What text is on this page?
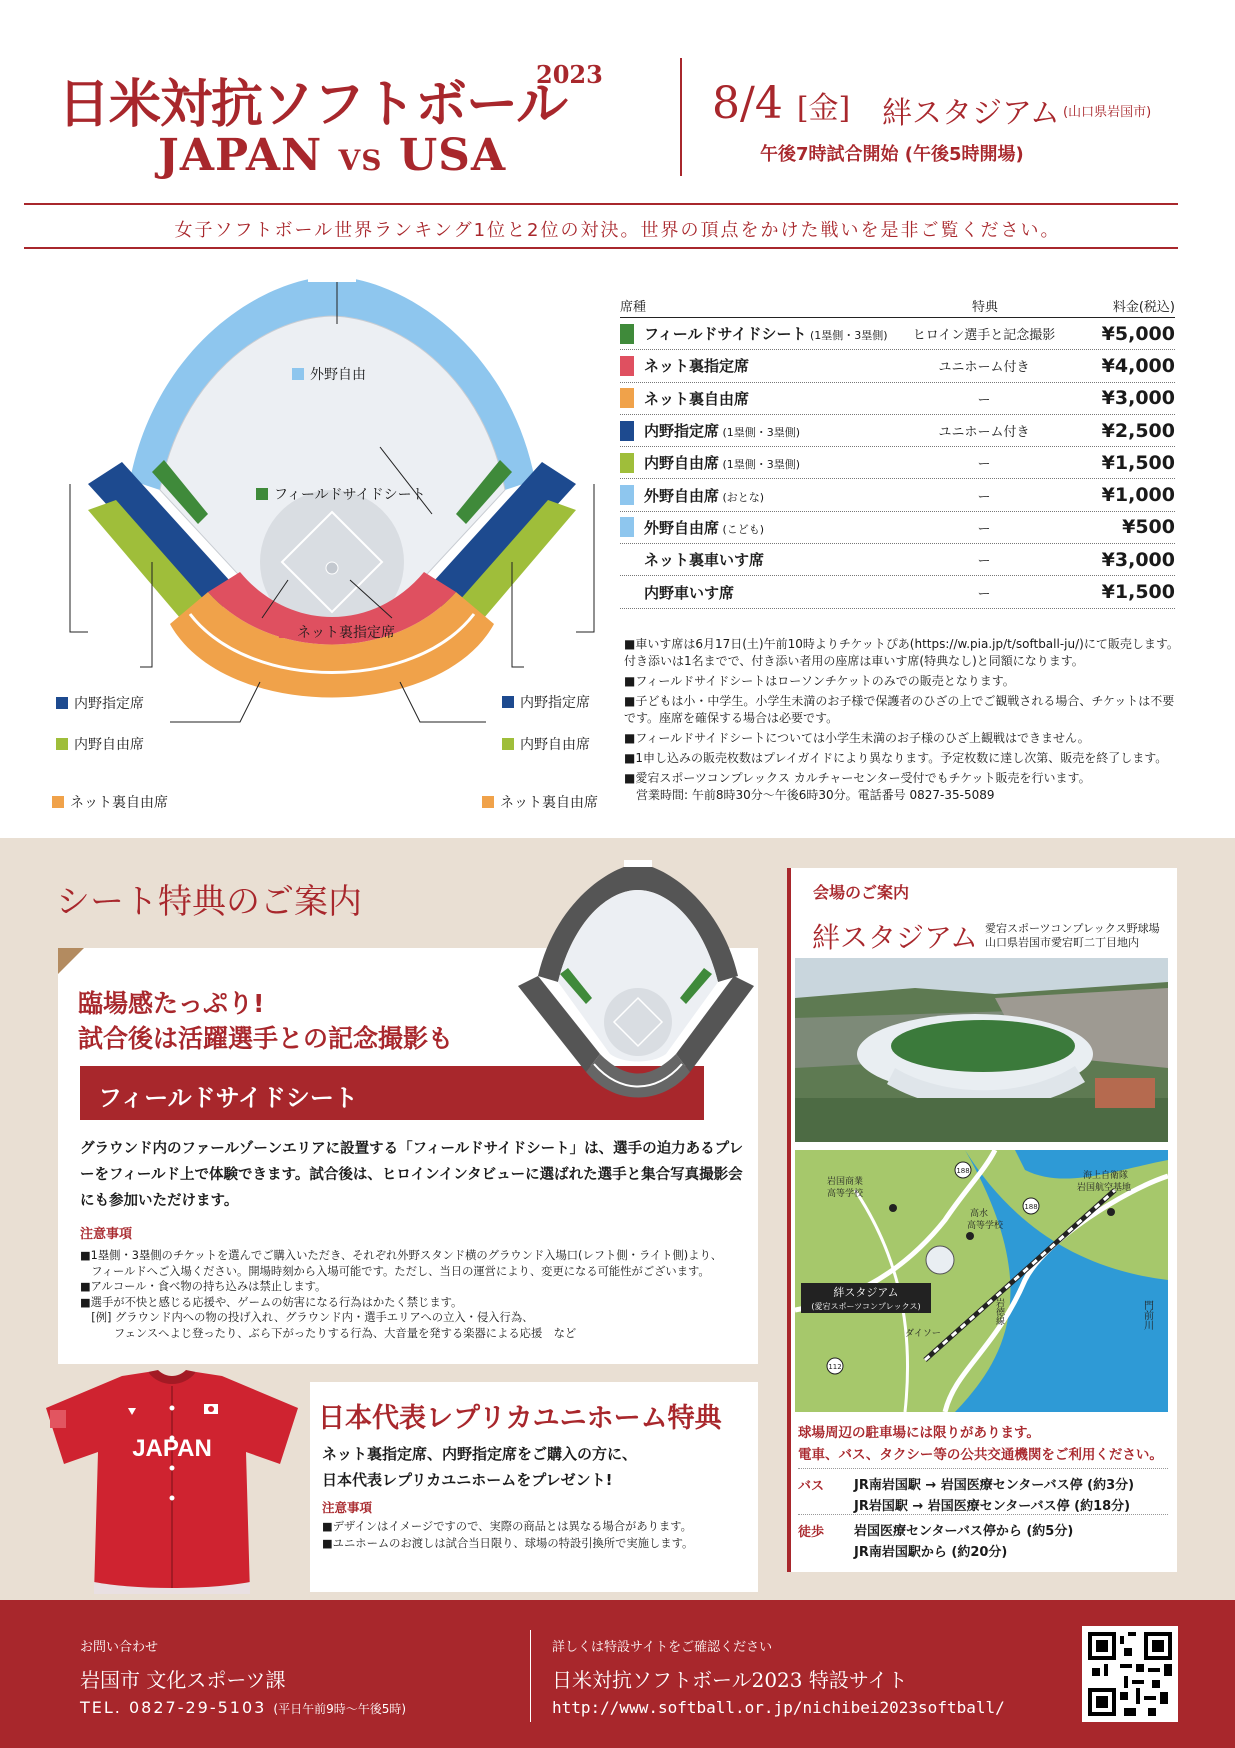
日米対抗ソフトボール
2023
JAPAN VS USA
8/4 [金] 絆スタジアム (山口県岩国市)
午後7時試合開始 (午後5時開場)
女子ソフトボール世界ランキング1位と2位の対決。世界の頂点をかけた戦いを是非ご覧ください。
外野自由
フィールドサイドシート
ネット裏指定席
内野指定席
内野自由席
ネット裏自由席
内野指定席
内野自由席
ネット裏自由席
席種	特典	料金(税込)
フィールドサイドシート (1塁側・3塁側)	ヒロイン選手と記念撮影	¥5,000
ネット裏指定席	ユニホーム付き	¥4,000
ネット裏自由席	ー	¥3,000
内野指定席 (1塁側・3塁側)	ユニホーム付き	¥2,500
内野自由席 (1塁側・3塁側)	ー	¥1,500
外野自由席 (おとな)	ー	¥1,000
外野自由席 (こども)	ー	¥500
ネット裏車いす席	ー	¥3,000
内野車いす席	ー	¥1,500

■車いす席は6月17日(土)午前10時よりチケットぴあ(https://w.pia.jp/t/softball-ju/)にて販売します。付き添いは1名までで、付き添い者用の座席は車いす席(特典なし)と同額になります。

■フィールドサイドシートはローソンチケットのみでの販売となります。

■子どもは小・中学生。小学生未満のお子様で保護者のひざの上でご観戦される場合、チケットは不要です。座席を確保する場合は必要です。

■フィールドサイドシートについては小学生未満のお子様のひざ上観戦はできません。

■1申し込みの販売枚数はプレイガイドにより異なります。予定枚数に達し次第、販売を終了します。

■愛宕スポーツコンプレックス カルチャーセンター受付でもチケット販売を行います。

営業時間: 午前8時30分〜午後6時30分。電話番号 0827-35-5089

シート特典のご案内
臨場感たっぷり!
試合後は活躍選手との記念撮影も
フィールドサイドシート
グラウンド内のファールゾーンエリアに設置する「フィールドサイドシート」は、選手の迫力あるプレーをフィールド上で体験できます。試合後は、ヒロインインタビューに選ばれた選手と集合写真撮影会にも参加いただけます。
注意事項
■1塁側・3塁側のチケットを選んでご購入いただき、それぞれ外野スタンド横のグラウンド入場口(レフト側・ライト側)より、
　フィールドへご入場ください。開場時刻から入場可能です。ただし、当日の運営により、変更になる可能性がございます。
■アルコール・食べ物の持ち込みは禁止します。
■選手が不快と感じる応援や、ゲームの妨害になる行為はかたく禁じます。
　[例] グラウンド内への物の投げ入れ、グラウンド内・選手エリアへの立入・侵入行為、
　　　フェンスへよじ登ったり、ぶら下がったりする行為、大音量を発する楽器による応援　など
JAPAN
日本代表レプリカユニホーム特典
ネット裏指定席、内野指定席をご購入の方に、
日本代表レプリカユニホームをプレゼント!
注意事項
■デザインはイメージですので、実際の商品とは異なる場合があります。
■ユニホームのお渡しは試合当日限り、球場の特設引換所で実施します。
会場のご案内
絆スタジアム 愛宕スポーツコンプレックス野球場
山口県岩国市愛宕町二丁目地内
絆スタジアム
(愛宕スポーツコンプレックス)
岩国商業
高等学校
高水
高等学校
海上自衛隊
岩国航空基地
門前川
岩徳線
ダイソー
188
188
112
球場周辺の駐車場には限りがあります。
電車、バス、タクシー等の公共交通機関をご利用ください。
バス	JR南岩国駅 → 岩国医療センターバス停 (約3分)
JR岩国駅 → 岩国医療センターバス停 (約18分)
徒歩	岩国医療センターバス停から (約5分)
JR南岩国駅から (約20分)
お問い合わせ
岩国市 文化スポーツ課
TEL. 0827-29-5103 (平日午前9時〜午後5時)
詳しくは特設サイトをご確認ください
日米対抗ソフトボール2023 特設サイト
http://www.softball.or.jp/nichibei2023softball/
